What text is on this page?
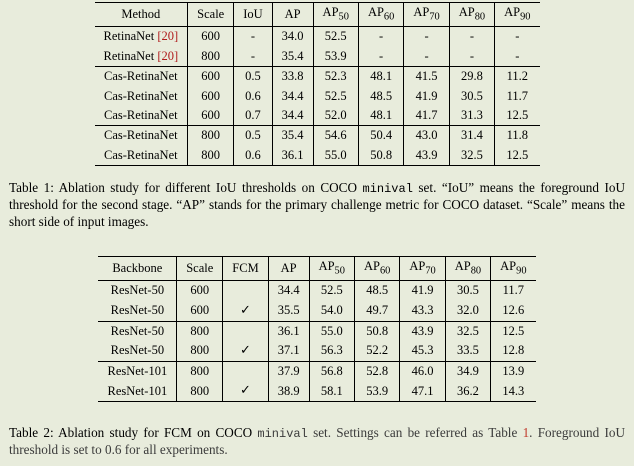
Method	Scale	IoU	AP	$AP_{50}$	$AP_{60}$	$AP_{70}$	$AP_{80}$	$AP_{90}$
RetinaNet [20]	600	-	34.0	52.5	-	-	-	-
RetinaNet [20]	800	-	35.4	53.9	-	-	-	-
Cas-RetinaNet	600	0.5	33.8	52.3	48.1	41.5	29.8	11.2
Cas-RetinaNet	600	0.6	34.4	52.5	48.5	41.9	30.5	11.7
Cas-RetinaNet	600	0.7	34.4	52.0	48.1	41.7	31.3	12.5
Cas-RetinaNet	800	0.5	35.4	54.6	50.4	43.0	31.4	11.8
Cas-RetinaNet	800	0.6	36.1	55.0	50.8	43.9	32.5	12.5

Table 1: Ablation study for different IoU thresholds on COCO minival set. “IoU” means the foreground IoU threshold for the second stage. “AP” stands for the primary challenge metric for COCO dataset. “Scale” means the short side of input images.

Backbone	Scale	FCM	AP	$AP_{50}$	$AP_{60}$	$AP_{70}$	$AP_{80}$	$AP_{90}$
ResNet-50	600		34.4	52.5	48.5	41.9	30.5	11.7
ResNet-50	600	✓	35.5	54.0	49.7	43.3	32.0	12.6
ResNet-50	800		36.1	55.0	50.8	43.9	32.5	12.5
ResNet-50	800	✓	37.1	56.3	52.2	45.3	33.5	12.8
ResNet-101	800		37.9	56.8	52.8	46.0	34.9	13.9
ResNet-101	800	✓	38.9	58.1	53.9	47.1	36.2	14.3

Table 2: Ablation study for FCM on COCO minival set. Settings can be referred as Table 1. Foreground IoU threshold is set to 0.6 for all experiments.
